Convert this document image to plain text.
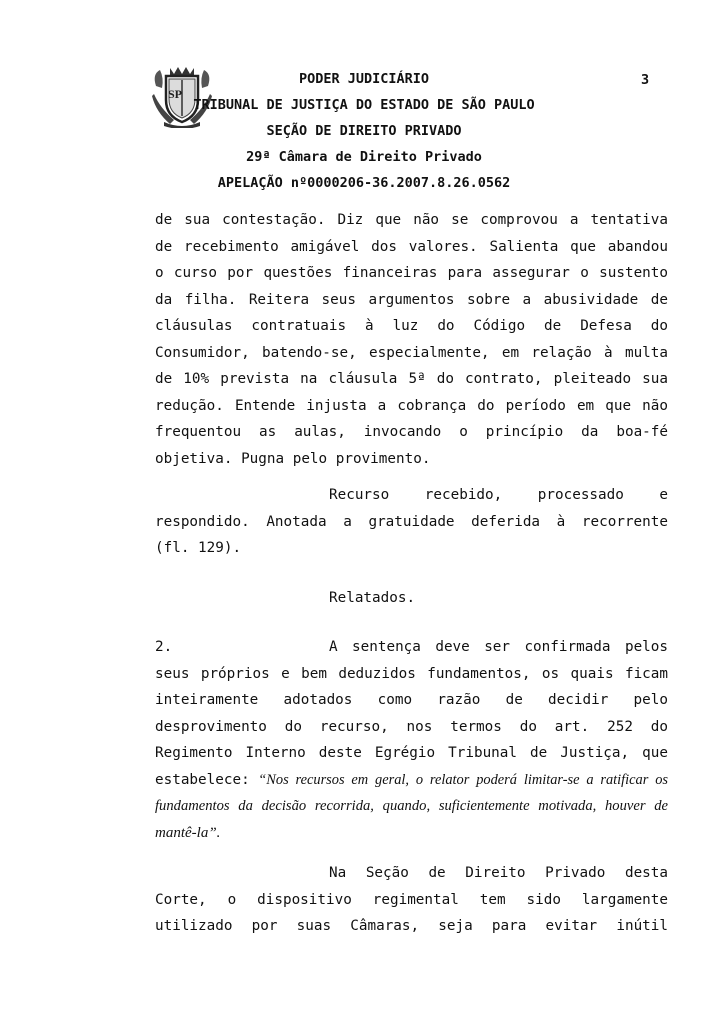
SP
PODER JUDICIÁRIO	3
TRIBUNAL DE JUSTIÇA DO ESTADO DE SÃO PAULO
SEÇÃO DE DIREITO PRIVADO
29ª Câmara de Direito Privado
APELAÇÃO nº0000206-36.2007.8.26.0562
de sua contestação. Diz que não se comprovou a tentativa
de recebimento amigável dos valores. Salienta que abandou
o curso por questões financeiras para assegurar o sustento
da filha. Reitera seus argumentos sobre a abusividade de
cláusulas contratuais à luz do Código de Defesa do
Consumidor, batendo-se, especialmente, em relação à multa
de 10% prevista na cláusula 5ª do contrato, pleiteado sua
redução. Entende injusta a cobrança do período em que não
frequentou as aulas, invocando o princípio da boa-fé
objetiva. Pugna pelo provimento.
Recurso recebido, processado e
respondido. Anotada a gratuidade deferida à recorrente
(fl. 129).
Relatados.
2.	A sentença deve ser confirmada pelos
seus próprios e bem deduzidos fundamentos, os quais ficam
inteiramente adotados como razão de decidir pelo
desprovimento do recurso, nos termos do art. 252 do
Regimento Interno deste Egrégio Tribunal de Justiça, que
estabelece: “Nos recursos em geral, o relator poderá limitar-se a ratificar os
fundamentos da decisão recorrida, quando, suficientemente motivada, houver de
mantê-la”.
Na Seção de Direito Privado desta
Corte, o dispositivo regimental tem sido largamente
utilizado por suas Câmaras, seja para evitar inútil
